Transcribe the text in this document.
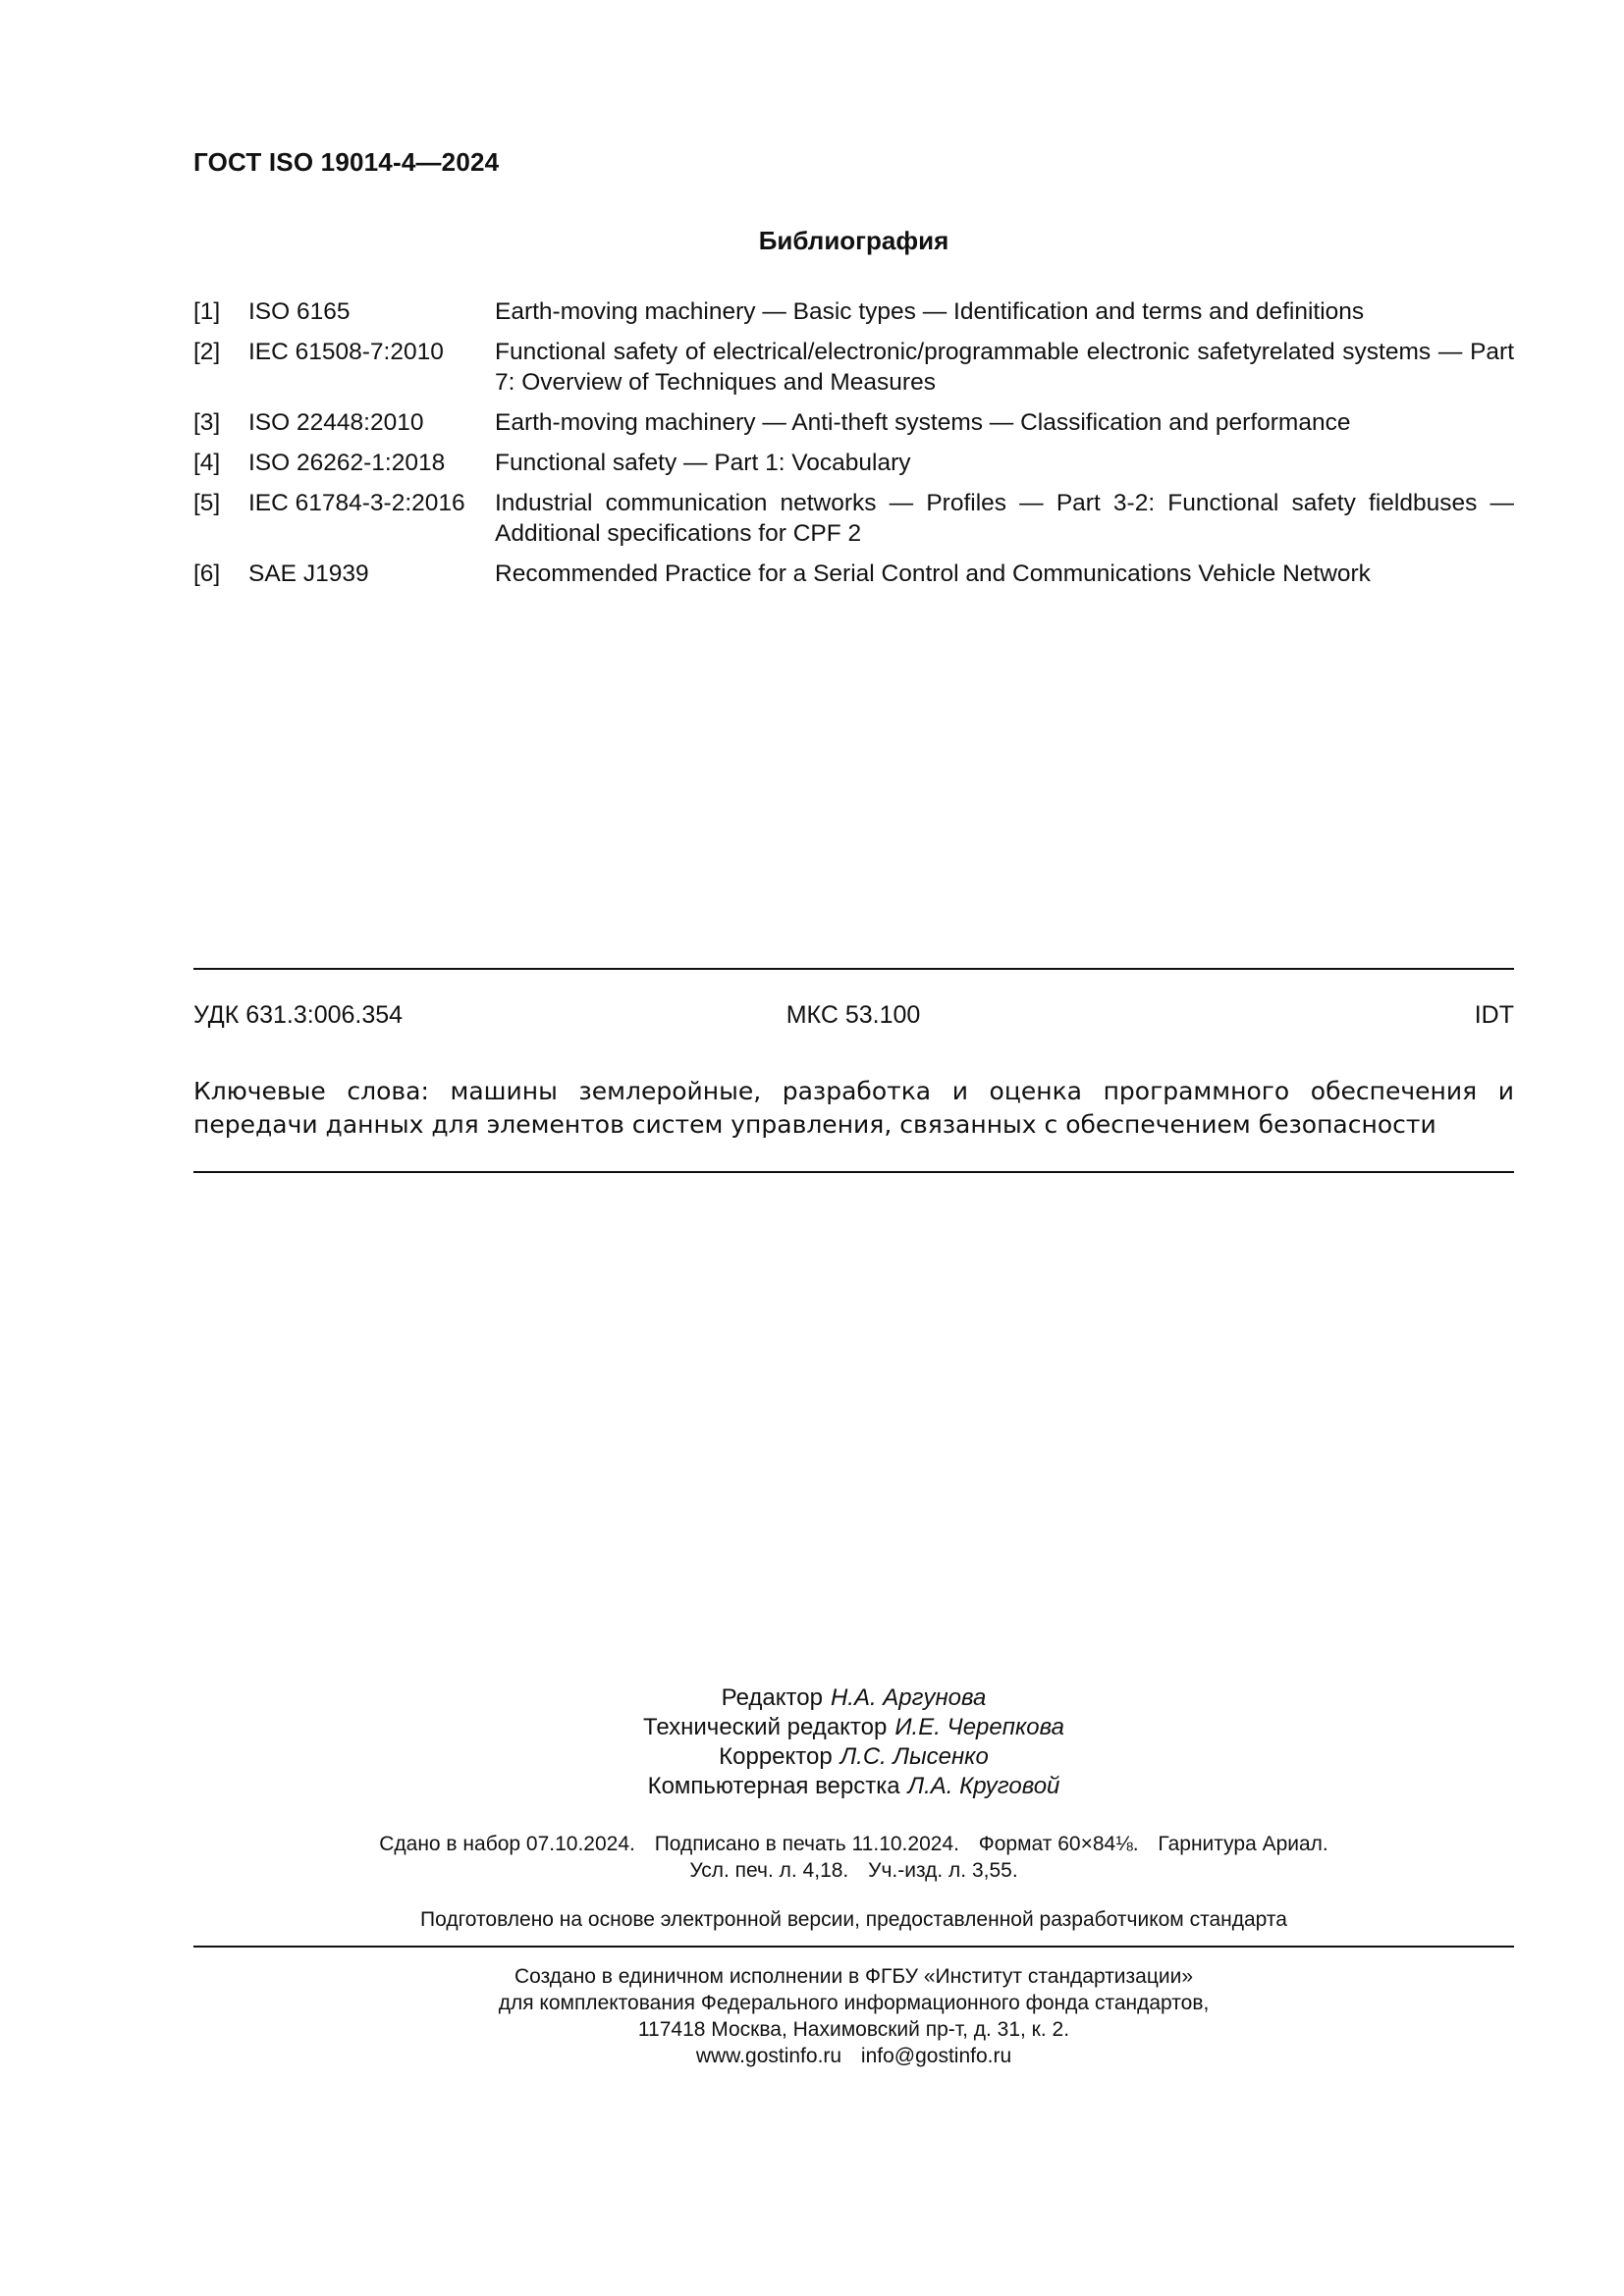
ГОСТ ISO 19014-4—2024
Библиография
[1]	ISO 6165	Earth-moving machinery — Basic types — Identification and terms and definitions
[2]	IEC 61508-7:2010	Functional safety of electrical/electronic/programmable electronic safetyrelated systems — Part 7: Overview of Techniques and Measures
[3]	ISO 22448:2010	Earth-moving machinery — Anti-theft systems — Classification and performance
[4]	ISO 26262-1:2018	Functional safety — Part 1: Vocabulary
[5]	IEC 61784-3-2:2016	Industrial communication networks — Profiles — Part 3-2: Functional safety fieldbuses — Additional specifications for CPF 2
[6]	SAE J1939	Recommended Practice for a Serial Control and Communications Vehicle Network
УДК 631.3:006.354	МКС 53.100	IDT
Ключевые слова: машины землеройные, разработка и оценка программного обеспечения и передачи данных для элементов систем управления, связанных с обеспечением безопасности
Редактор Н.А. Аргунова
Технический редактор И.Е. Черепкова
Корректор Л.С. Лысенко
Компьютерная верстка Л.А. Круговой
Сдано в набор 07.10.2024. Подписано в печать 11.10.2024. Формат 60×84⅛. Гарнитура Ариал.
Усл. печ. л. 4,18. Уч.-изд. л. 3,55.
Подготовлено на основе электронной версии, предоставленной разработчиком стандарта
Создано в единичном исполнении в ФГБУ «Институт стандартизации»
для комплектования Федерального информационного фонда стандартов,
117418 Москва, Нахимовский пр-т, д. 31, к. 2.
www.gostinfo.ru info@gostinfo.ru
